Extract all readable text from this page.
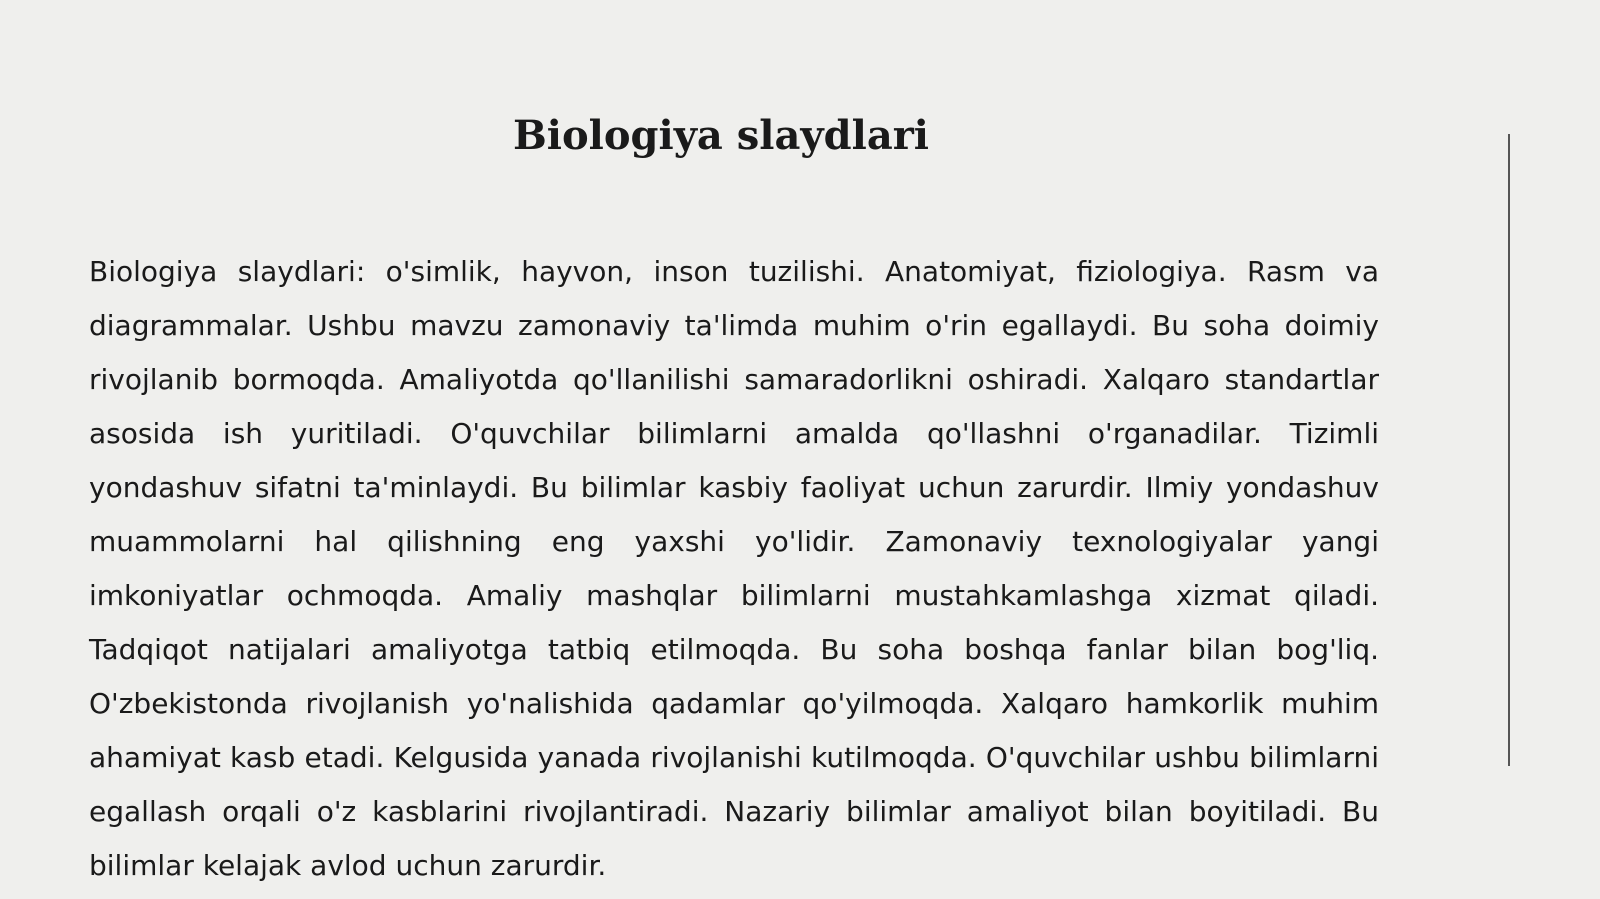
Biologiya slaydlari

Biologiya slaydlari: o'simlik, hayvon, inson tuzilishi. Anatomiyat, fiziologiya. Rasm va diagrammalar. Ushbu mavzu zamonaviy ta'limda muhim o'rin egallaydi. Bu soha doimiy rivojlanib bormoqda. Amaliyotda qo'llanilishi samaradorlikni oshiradi. Xalqaro standartlar asosida ish yuritiladi. O'quvchilar bilimlarni amalda qo'llashni o'rganadilar. Tizimli yondashuv sifatni ta'minlaydi. Bu bilimlar kasbiy faoliyat uchun zarurdir. Ilmiy yondashuv muammolarni hal qilishning eng yaxshi yo'lidir. Zamonaviy texnologiyalar yangi imkoniyatlar ochmoqda. Amaliy mashqlar bilimlarni mustahkamlashga xizmat qiladi. Tadqiqot natijalari amaliyotga tatbiq etilmoqda. Bu soha boshqa fanlar bilan bog'liq. O'zbekistonda rivojlanish yo'nalishida qadamlar qo'yilmoqda. Xalqaro hamkorlik muhim ahamiyat kasb etadi. Kelgusida yanada rivojlanishi kutilmoqda. O'quvchilar ushbu bilimlarni egallash orqali o'z kasblarini rivojlantiradi. Nazariy bilimlar amaliyot bilan boyitiladi. Bu bilimlar kelajak avlod uchun zarurdir.
